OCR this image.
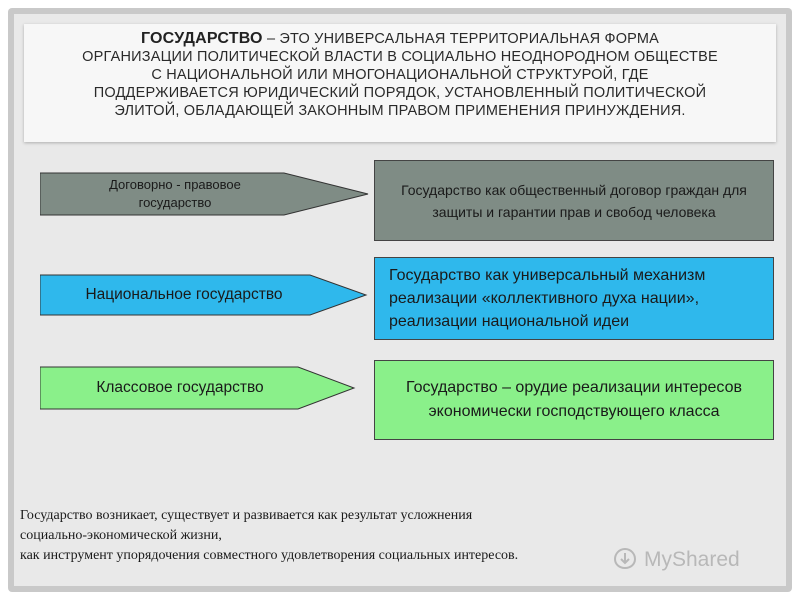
ГОСУДАРСТВО – ЭТО УНИВЕРСАЛЬНАЯ ТЕРРИТОРИАЛЬНАЯ ФОРМА
ОРГАНИЗАЦИИ ПОЛИТИЧЕСКОЙ ВЛАСТИ В СОЦИАЛЬНО НЕОДНОРОДНОМ ОБЩЕСТВЕ
С НАЦИОНАЛЬНОЙ ИЛИ МНОГОНАЦИОНАЛЬНОЙ СТРУКТУРОЙ, ГДЕ
ПОДДЕРЖИВАЕТСЯ ЮРИДИЧЕСКИЙ ПОРЯДОК, УСТАНОВЛЕННЫЙ ПОЛИТИЧЕСКОЙ
ЭЛИТОЙ, ОБЛАДАЮЩЕЙ ЗАКОННЫМ ПРАВОМ ПРИМЕНЕНИЯ ПРИНУЖДЕНИЯ.
Договорно - правовое государство
Государство как общественный договор граждан для защиты и гарантии прав и свобод человека
Национальное государство
Государство как универсальный механизм реализации «коллективного духа нации», реализации национальной идеи
Классовое государство	Государство – орудие реализации интересов экономически господствующего класса
Государство возникает, существует и развивается как результат усложнения
социально-экономической жизни,
как инструмент упорядочения совместного удовлетворения социальных интересов.	MyShared
